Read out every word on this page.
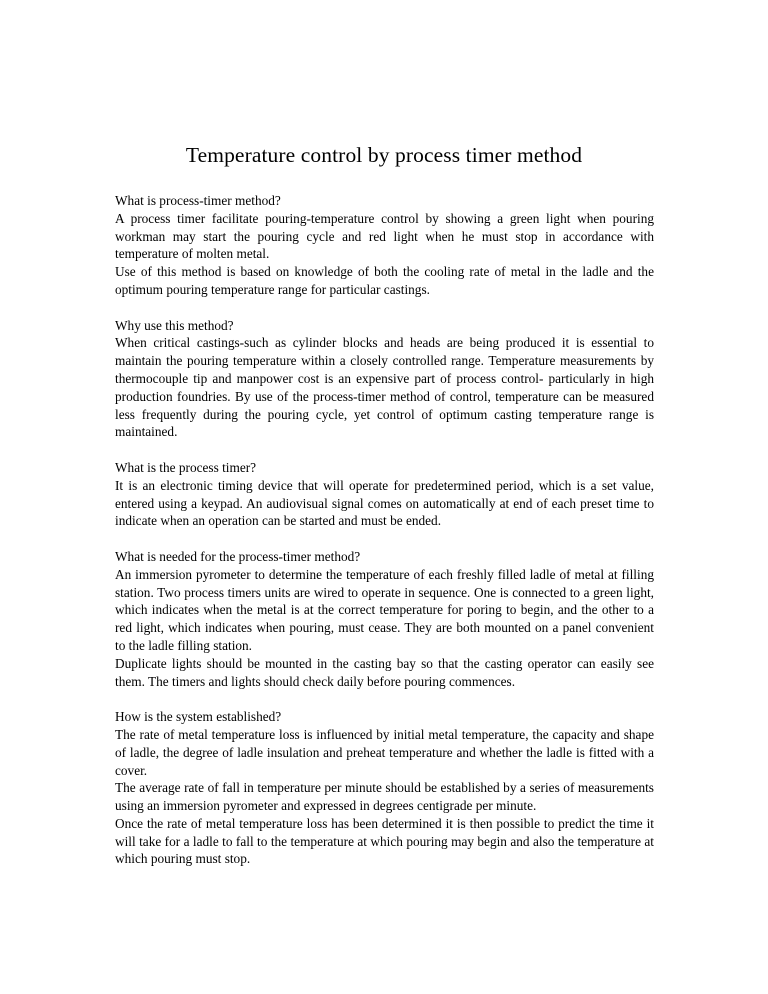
Temperature control by process timer method

What is process-timer method?

A process timer facilitate pouring-temperature control by showing a green light when pouring workman may start the pouring cycle and red light when he must stop in accordance with temperature of molten metal.

Use of this method is based on knowledge of both the cooling rate of metal in the ladle and the optimum pouring temperature range for particular castings.

Why use this method?

When critical castings-such as cylinder blocks and heads are being produced it is essential to maintain the pouring temperature within a closely controlled range. Temperature measurements by thermocouple tip and manpower cost is an expensive part of process control- particularly in high production foundries. By use of the process-timer method of control, temperature can be measured less frequently during the pouring cycle, yet control of optimum casting temperature range is maintained.

What is the process timer?

It is an electronic timing device that will operate for predetermined period, which is a set value, entered using a keypad. An audiovisual signal comes on automatically at end of each preset time to indicate when an operation can be started and must be ended.

What is needed for the process-timer method?

An immersion pyrometer to determine the temperature of each freshly filled ladle of metal at filling station. Two process timers units are wired to operate in sequence. One is connected to a green light, which indicates when the metal is at the correct temperature for poring to begin, and the other to a red light, which indicates when pouring, must cease. They are both mounted on a panel convenient to the ladle filling station.

Duplicate lights should be mounted in the casting bay so that the casting operator can easily see them. The timers and lights should check daily before pouring commences.

How is the system established?

The rate of metal temperature loss is influenced by initial metal temperature, the capacity and shape of ladle, the degree of ladle insulation and preheat temperature and whether the ladle is fitted with a cover.

The average rate of fall in temperature per minute should be established by a series of measurements using an immersion pyrometer and expressed in degrees centigrade per minute.

Once the rate of metal temperature loss has been determined it is then possible to predict the time it will take for a ladle to fall to the temperature at which pouring may begin and also the temperature at which pouring must stop.
